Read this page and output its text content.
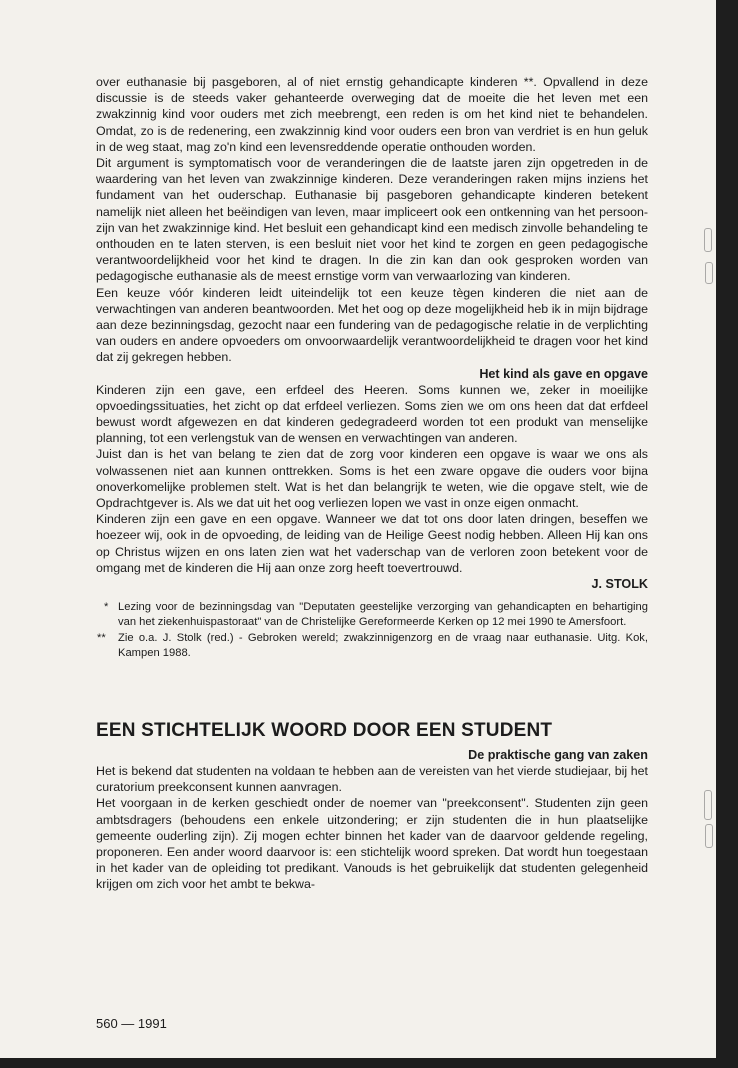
over euthanasie bij pasgeboren, al of niet ernstig gehandicapte kinderen **. Opvallend in deze discussie is de steeds vaker gehanteerde overweging dat de moeite die het leven met een zwakzinnig kind voor ouders met zich meebrengt, een reden is om het kind niet te behandelen. Omdat, zo is de redenering, een zwakzinnig kind voor ouders een bron van verdriet is en hun geluk in de weg staat, mag zo'n kind een levensreddende operatie onthouden worden.

Dit argument is symptomatisch voor de veranderingen die de laatste jaren zijn opgetreden in de waardering van het leven van zwakzinnige kinderen. Deze veranderingen raken mijns inziens het fundament van het ouderschap. Euthanasie bij pasgeboren gehandicapte kinderen betekent namelijk niet alleen het beëindigen van leven, maar impliceert ook een ontkenning van het persoon-zijn van het zwakzinnige kind. Het besluit een gehandicapt kind een medisch zinvolle behandeling te onthouden en te laten sterven, is een besluit niet voor het kind te zorgen en geen pedagogische verantwoordelijkheid voor het kind te dragen. In die zin kan dan ook gesproken worden van pedagogische euthanasie als de meest ernstige vorm van verwaarlozing van kinderen.

Een keuze vóór kinderen leidt uiteindelijk tot een keuze tègen kinderen die niet aan de verwachtingen van anderen beantwoorden. Met het oog op deze mogelijkheid heb ik in mijn bijdrage aan deze bezinningsdag, gezocht naar een fundering van de pedagogische relatie in de verplichting van ouders en andere opvoeders om onvoorwaardelijk verantwoordelijkheid te dragen voor het kind dat zij gekregen hebben.

Het kind als gave en opgave

Kinderen zijn een gave, een erfdeel des Heeren. Soms kunnen we, zeker in moeilijke opvoedingssituaties, het zicht op dat erfdeel verliezen. Soms zien we om ons heen dat dat erfdeel bewust wordt afgewezen en dat kinderen gedegradeerd worden tot een produkt van menselijke planning, tot een verlengstuk van de wensen en verwachtingen van anderen.

Juist dan is het van belang te zien dat de zorg voor kinderen een opgave is waar we ons als volwassenen niet aan kunnen onttrekken. Soms is het een zware opgave die ouders voor bijna onoverkomelijke problemen stelt. Wat is het dan belangrijk te weten, wie die opgave stelt, wie de Opdrachtgever is. Als we dat uit het oog verliezen lopen we vast in onze eigen onmacht.

Kinderen zijn een gave en een opgave. Wanneer we dat tot ons door laten dringen, beseffen we hoezeer wij, ook in de opvoeding, de leiding van de Heilige Geest nodig hebben. Alleen Hij kan ons op Christus wijzen en ons laten zien wat het vaderschap van de verloren zoon betekent voor de omgang met de kinderen die Hij aan onze zorg heeft toevertrouwd.

J. STOLK

* Lezing voor de bezinningsdag van "Deputaten geestelijke verzorging van gehandicapten en behartiging van het ziekenhuispastoraat" van de Christelijke Gereformeerde Kerken op 12 mei 1990 te Amersfoort.
** Zie o.a. J. Stolk (red.) - Gebroken wereld; zwakzinnigenzorg en de vraag naar euthanasie. Uitg. Kok, Kampen 1988.
EEN STICHTELIJK WOORD DOOR EEN STUDENT

De praktische gang van zaken

Het is bekend dat studenten na voldaan te hebben aan de vereisten van het vierde studiejaar, bij het curatorium preekconsent kunnen aanvragen.

Het voorgaan in de kerken geschiedt onder de noemer van "preekconsent". Studenten zijn geen ambtsdragers (behoudens een enkele uitzondering; er zijn studenten die in hun plaatselijke gemeente ouderling zijn). Zij mogen echter binnen het kader van de daarvoor geldende regeling, proponeren. Een ander woord daarvoor is: een stichtelijk woord spreken. Dat wordt hun toegestaan in het kader van de opleiding tot predikant. Vanouds is het gebruikelijk dat studenten gelegenheid krijgen om zich voor het ambt te bekwa-

560 — 1991
